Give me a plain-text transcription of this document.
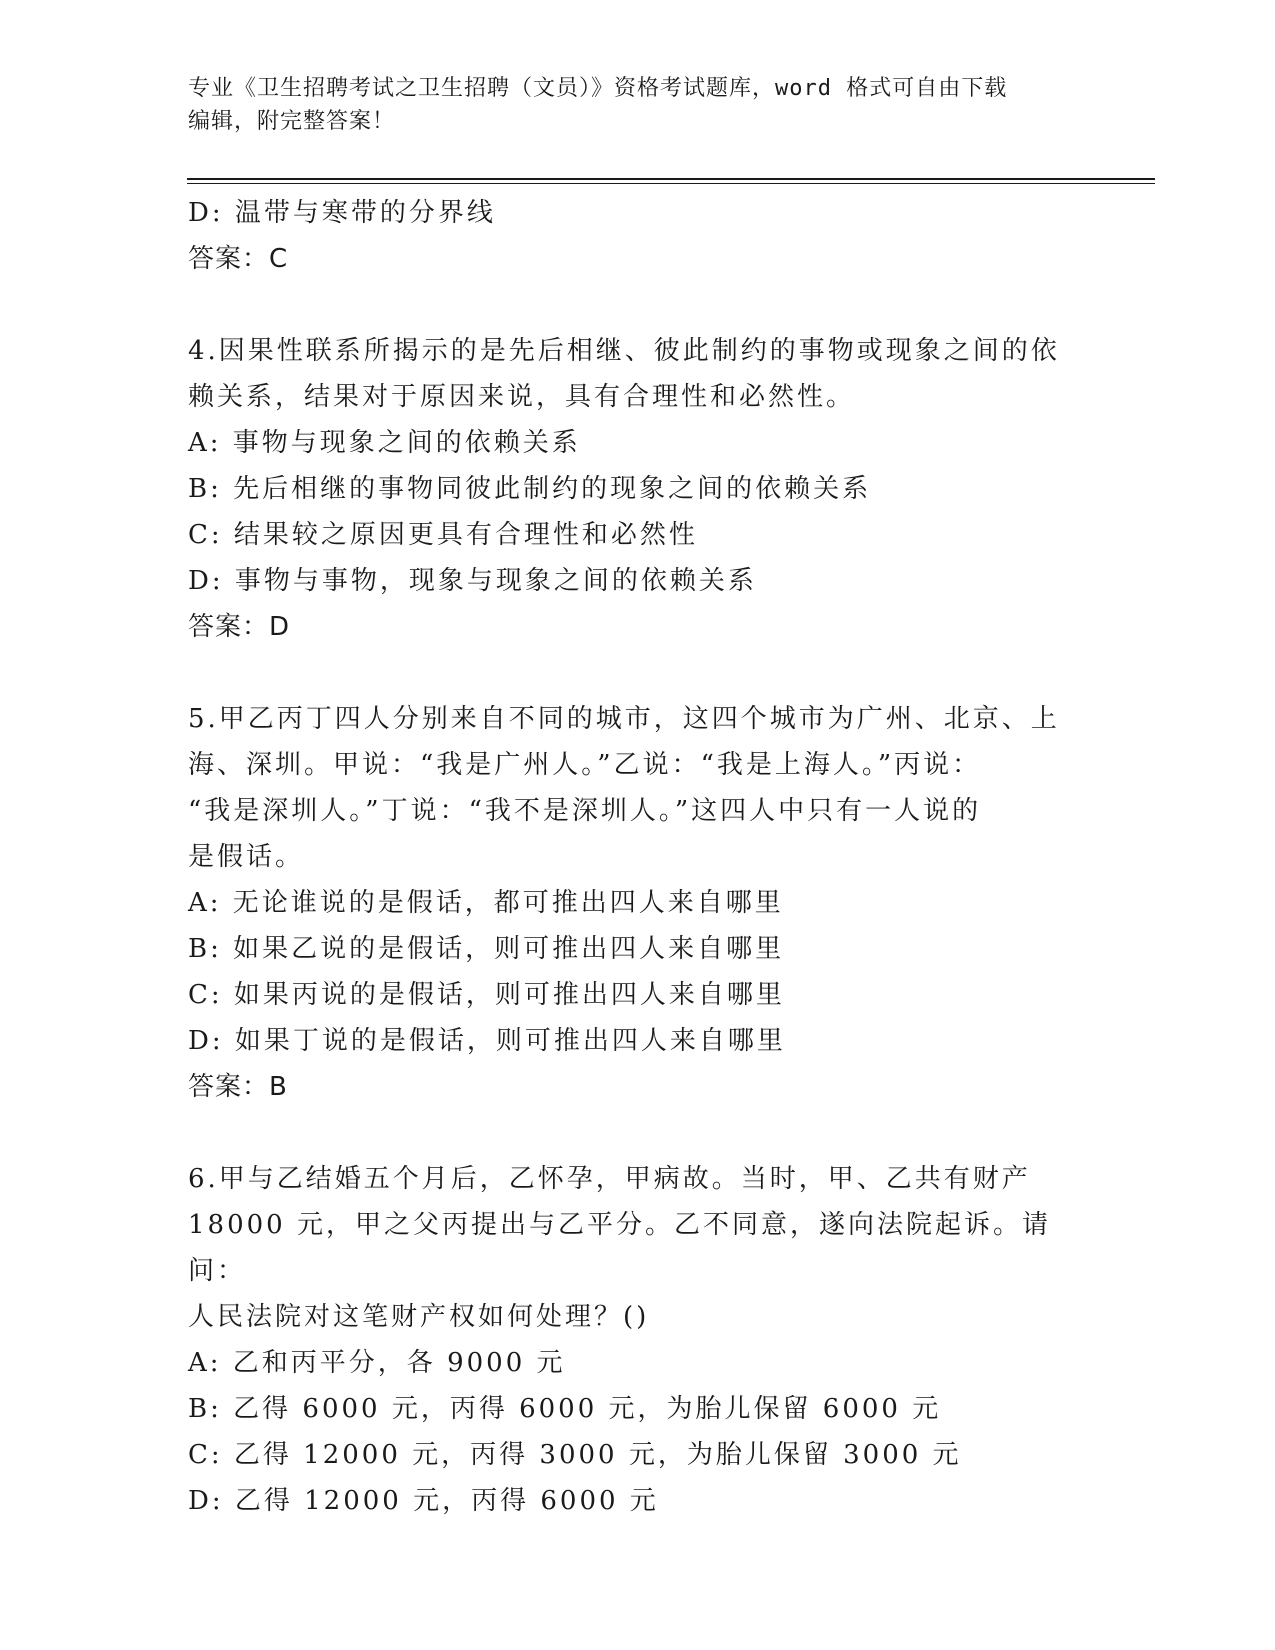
专业《卫生招聘考试之卫生招聘（文员）》资格考试题库，word 格式可自由下载
编辑，附完整答案！
D: 温带与寒带的分界线
答案：C
4.因果性联系所揭示的是先后相继、彼此制约的事物或现象之间的依
赖关系，结果对于原因来说，具有合理性和必然性。
A: 事物与现象之间的依赖关系
B: 先后相继的事物同彼此制约的现象之间的依赖关系
C: 结果较之原因更具有合理性和必然性
D: 事物与事物，现象与现象之间的依赖关系
答案：D
5.甲乙丙丁四人分别来自不同的城市，这四个城市为广州、北京、上
海、深圳。甲说：“我是广州人。”乙说：“我是上海人。”丙说：
“我是深圳人。”丁说：“我不是深圳人。”这四人中只有一人说的
是假话。
A: 无论谁说的是假话，都可推出四人来自哪里
B: 如果乙说的是假话，则可推出四人来自哪里
C: 如果丙说的是假话，则可推出四人来自哪里
D: 如果丁说的是假话，则可推出四人来自哪里
答案：B
6.甲与乙结婚五个月后，乙怀孕，甲病故。当时，甲、乙共有财产
18000 元，甲之父丙提出与乙平分。乙不同意，遂向法院起诉。请问：
人民法院对这笔财产权如何处理？()
A: 乙和丙平分，各 9000 元
B: 乙得 6000 元，丙得 6000 元，为胎儿保留 6000 元
C: 乙得 12000 元，丙得 3000 元，为胎儿保留 3000 元
D: 乙得 12000 元，丙得 6000 元
